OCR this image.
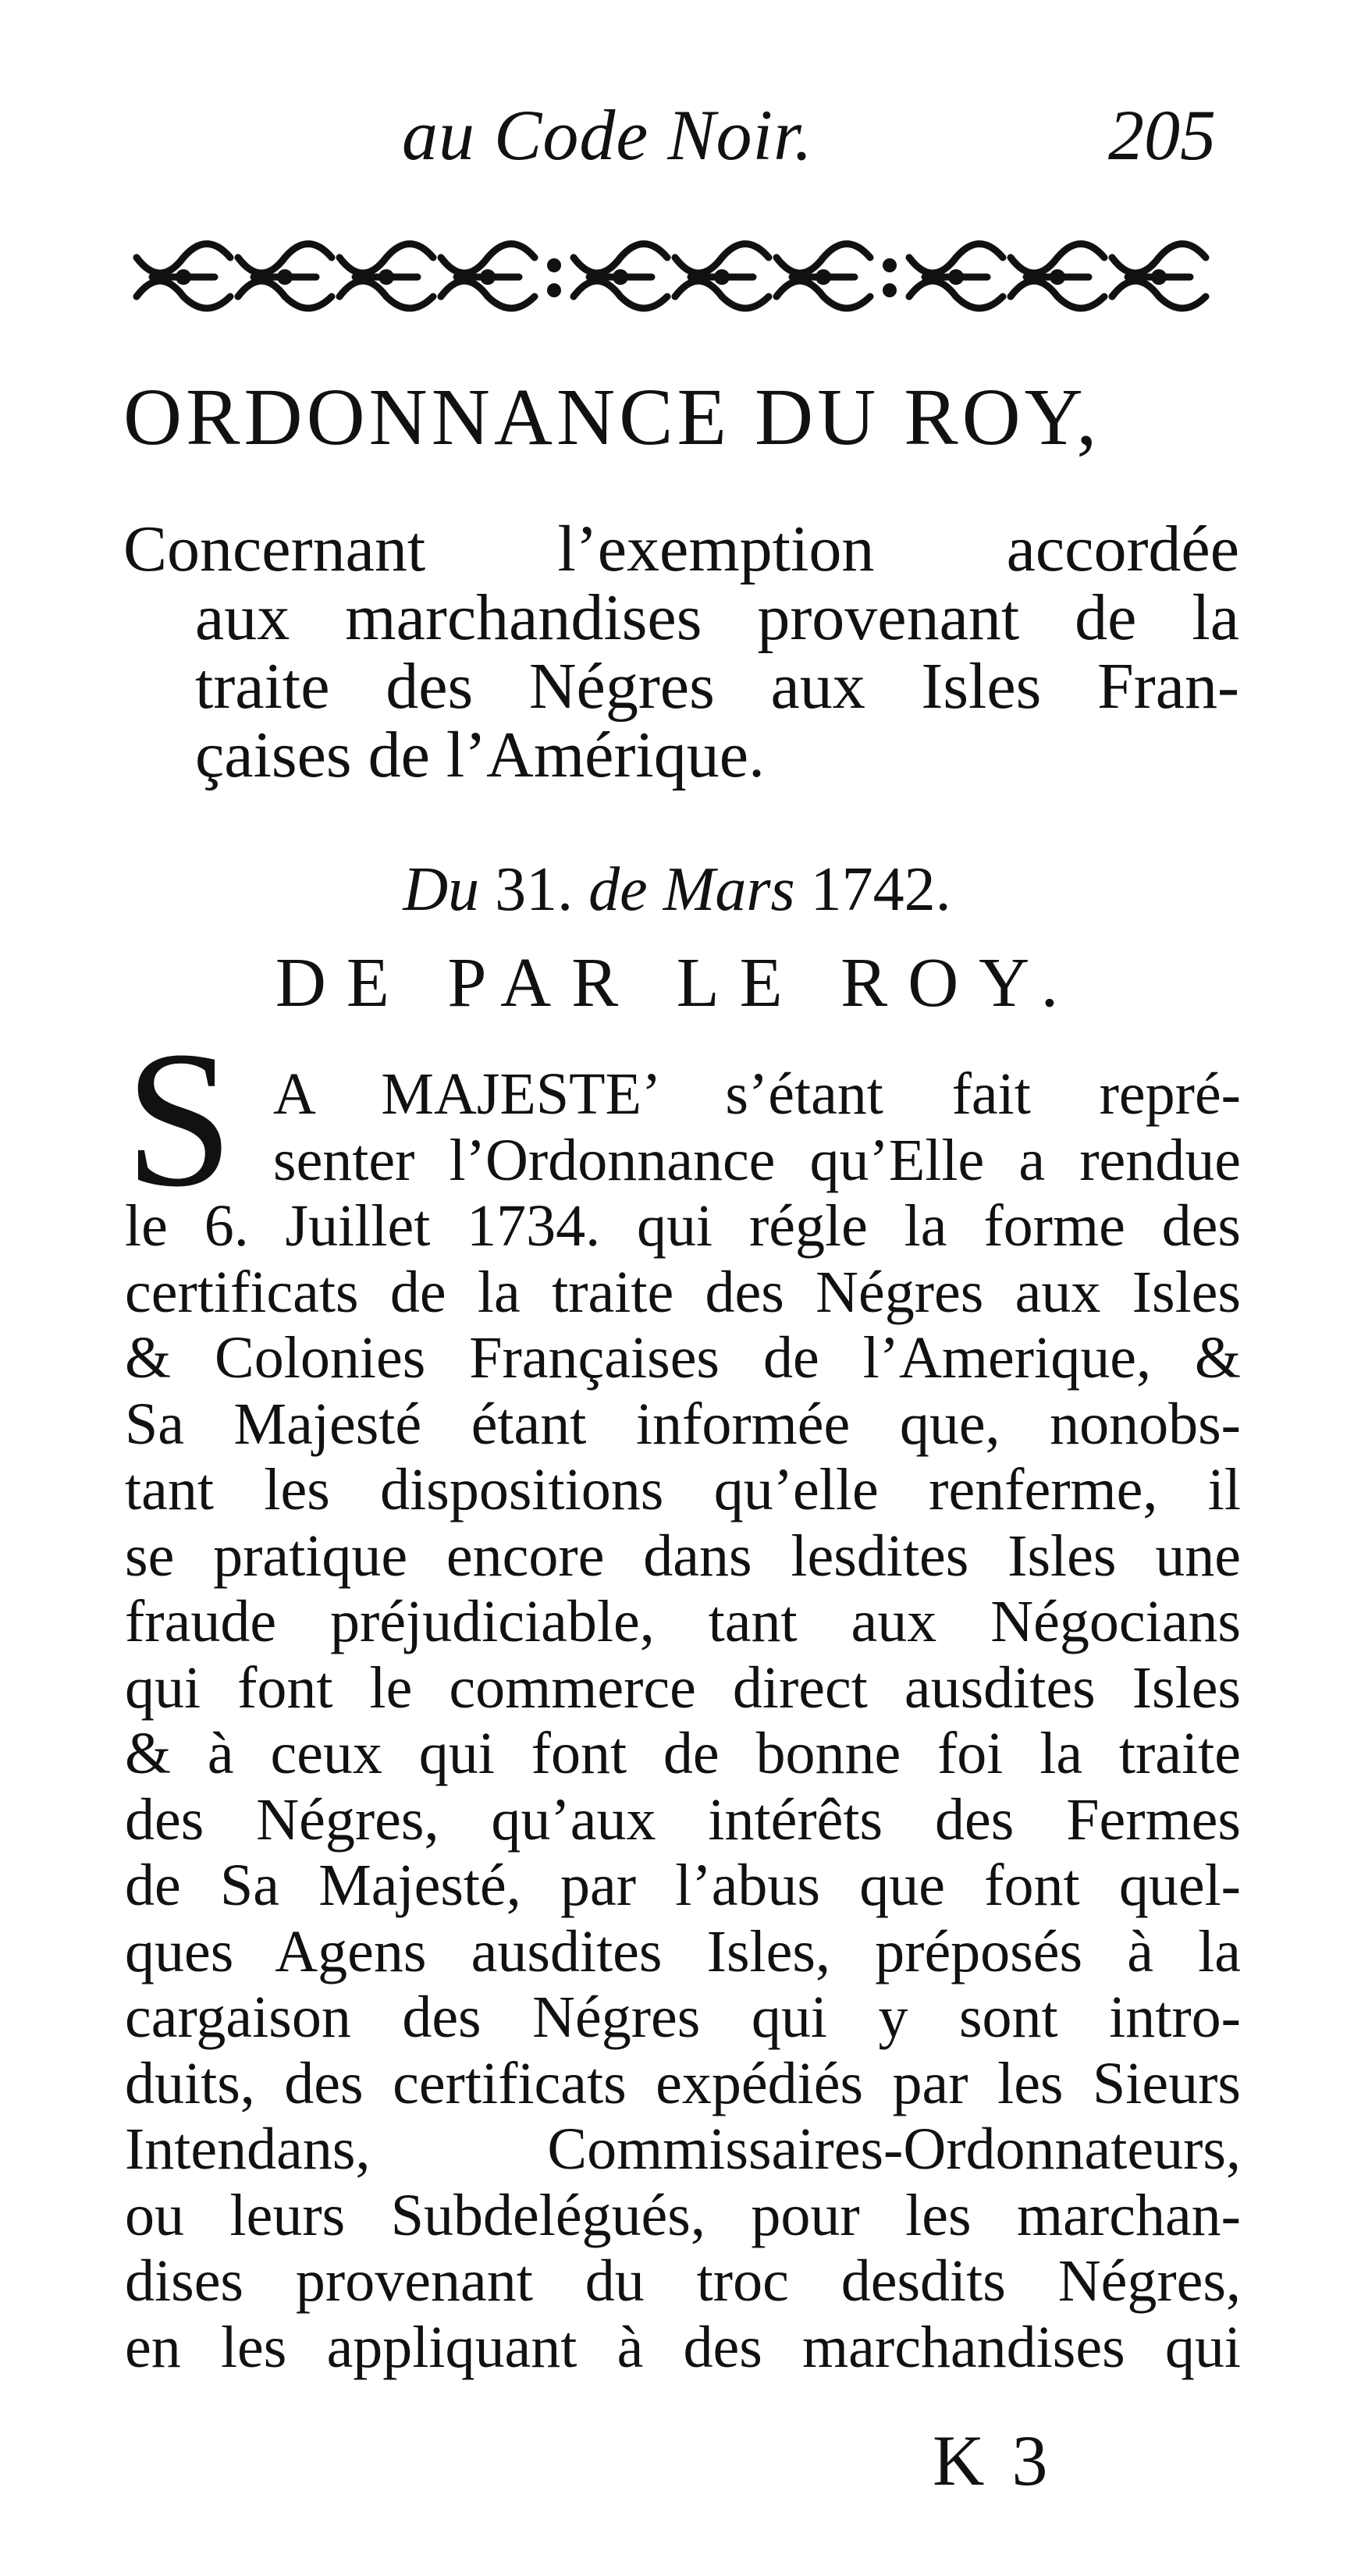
au Code Noir.	205
ORDONNANCE DU ROY,
Concernant l’exemption accordée
aux marchandises provenant de la
traite des Négres aux Isles Fran-
çaises de l’Amérique.
Du 31. de Mars 1742.
DE PAR LE ROY.
S A MAJESTE’ s’étant fait repré-
senter l’Ordonnance qu’Elle a rendue
le 6. Juillet 1734. qui régle la forme des
certificats de la traite des Négres aux Isles
& Colonies Françaises de l’Amerique, &
Sa Majesté étant informée que, nonobs-
tant les dispositions qu’elle renferme, il
se pratique encore dans lesdites Isles une
fraude préjudiciable, tant aux Négocians
qui font le commerce direct ausdites Isles
& à ceux qui font de bonne foi la traite
des Négres, qu’aux intérêts des Fermes
de Sa Majesté, par l’abus que font quel-
ques Agens ausdites Isles, préposés à la
cargaison des Négres qui y sont intro-
duits, des certificats expédiés par les Sieurs
Intendans, Commissaires-Ordonnateurs,
ou leurs Subdelégués, pour les marchan-
dises provenant du troc desdits Négres,
en les appliquant à des marchandises qui
K 3
